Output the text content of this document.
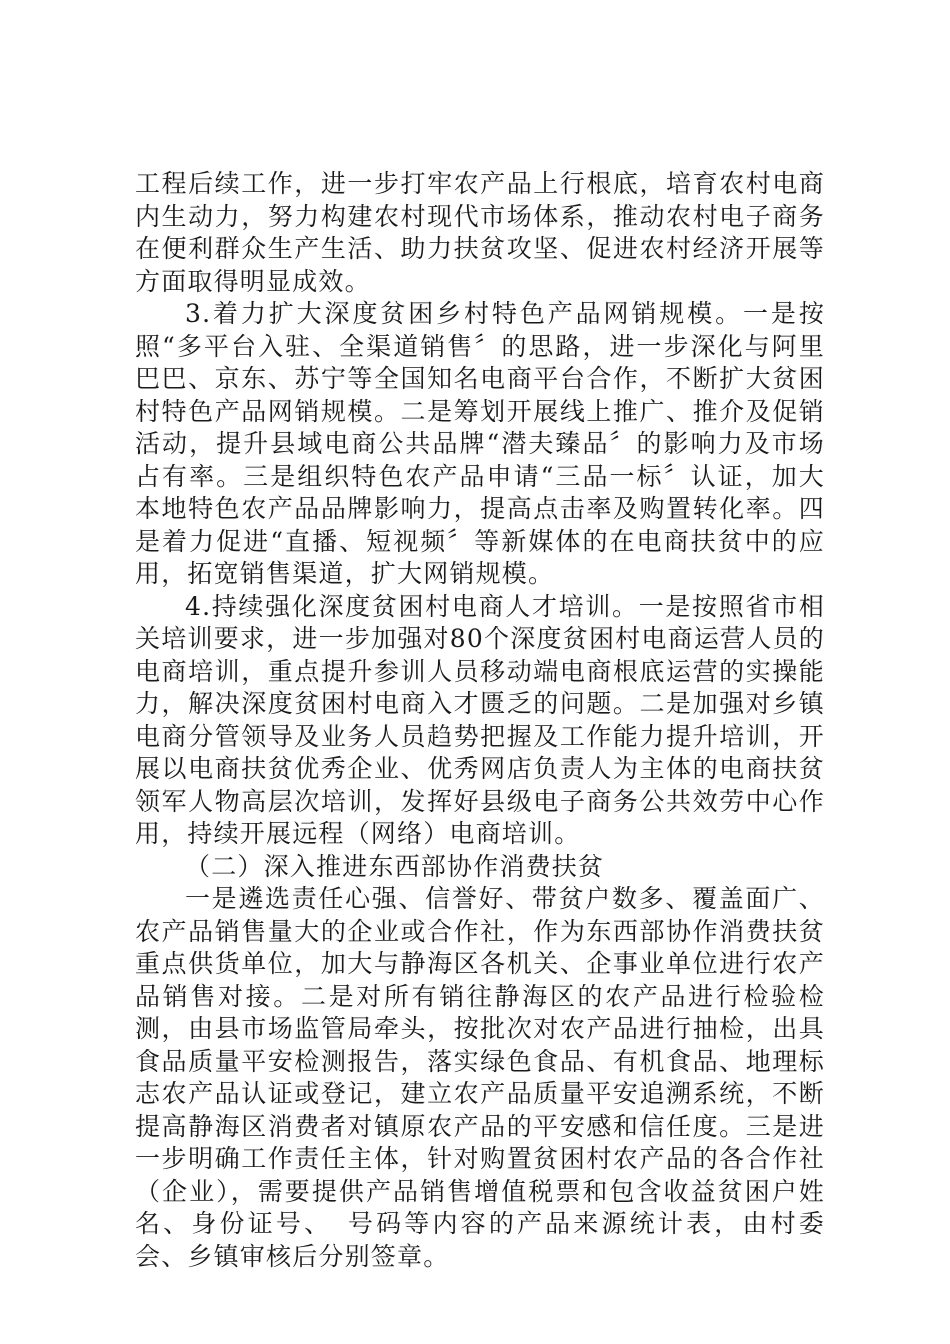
工程后续工作，进一步打牢农产品上行根底，培育农村电商内生动力，努力构建农村现代市场体系，推动农村电子商务在便利群众生产生活、助力扶贫攻坚、促进农村经济开展等方面取得明显成效。

3.着力扩大深度贫困乡村特色产品网销规模。一是按照“多平台入驻、全渠道销售〞的思路，进一步深化与阿里巴巴、京东、苏宁等全国知名电商平台合作，不断扩大贫困村特色产品网销规模。二是筹划开展线上推广、推介及促销活动，提升县域电商公共品牌“潜夫臻品〞的影响力及市场占有率。三是组织特色农产品申请“三品一标〞认证，加大本地特色农产品品牌影响力，提高点击率及购置转化率。四是着力促进“直播、短视频〞等新媒体的在电商扶贫中的应用，拓宽销售渠道，扩大网销规模。

4.持续强化深度贫困村电商人才培训。一是按照省市相关培训要求，进一步加强对80个深度贫困村电商运营人员的电商培训，重点提升参训人员移动端电商根底运营的实操能力，解决深度贫困村电商入才匮乏的问题。二是加强对乡镇电商分管领导及业务人员趋势把握及工作能力提升培训，开展以电商扶贫优秀企业、优秀网店负责人为主体的电商扶贫领军人物高层次培训，发挥好县级电子商务公共效劳中心作用，持续开展远程（网络）电商培训。

（二）深入推进东西部协作消费扶贫

一是遴选责任心强、信誉好、带贫户数多、覆盖面广、农产品销售量大的企业或合作社，作为东西部协作消费扶贫重点供货单位，加大与静海区各机关、企事业单位进行农产品销售对接。二是对所有销往静海区的农产品进行检验检测，由县市场监管局牵头，按批次对农产品进行抽检，出具食品质量平安检测报告，落实绿色食品、有机食品、地理标志农产品认证或登记，建立农产品质量平安追溯系统，不断提高静海区消费者对镇原农产品的平安感和信任度。三是进一步明确工作责任主体，针对购置贫困村农产品的各合作社（企业），需要提供产品销售增值税票和包含收益贫困户姓名、身份证号、　号码等内容的产品来源统计表，由村委会、乡镇审核后分别签章。
